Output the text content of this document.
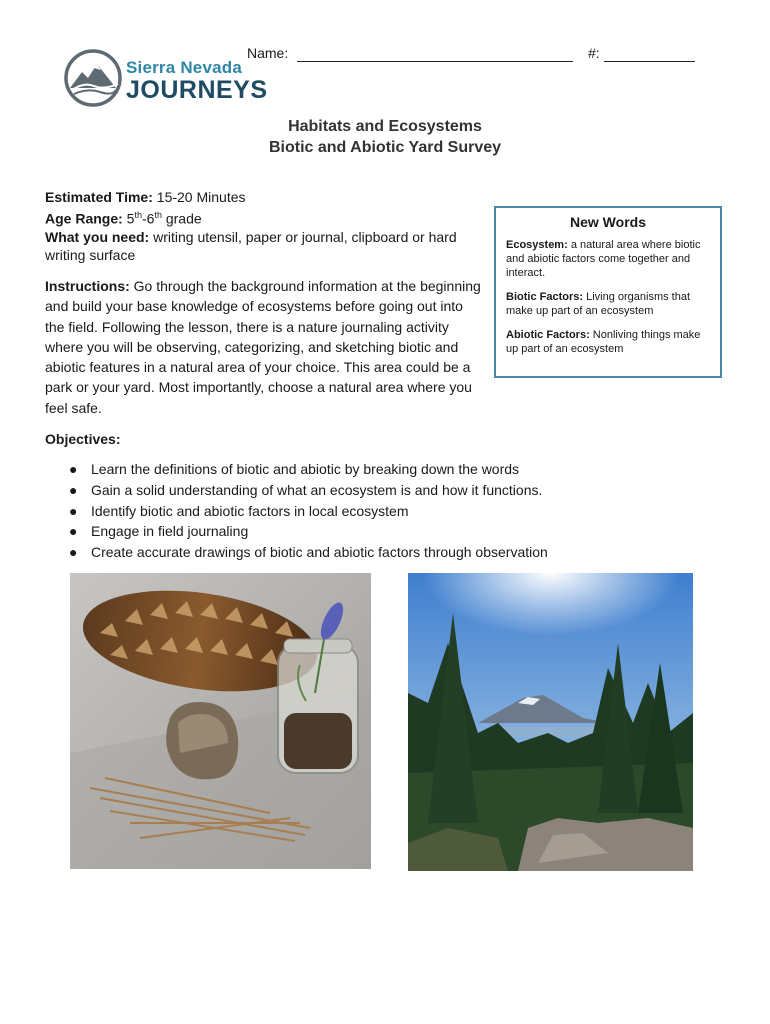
Sierra Nevada
JOURNEYS
Name:	#:
Habitats and Ecosystems
Biotic and Abiotic Yard Survey
Estimated Time: 15-20 Minutes
Age Range: 5th-6th grade
What you need: writing utensil, paper or journal, clipboard or hard writing surface
Instructions: Go through the background information at the beginning and build your base knowledge of ecosystems before going out into the field. Following the lesson, there is a nature journaling activity where you will be observing, categorizing, and sketching biotic and abiotic features in a natural area of your choice. This area could be a park or your yard. Most importantly, choose a natural area where you feel safe.
New Words
Ecosystem: a natural area where biotic and abiotic factors come together and interact.
Biotic Factors: Living organisms that make up part of an ecosystem
Abiotic Factors: Nonliving things make up part of an ecosystem
Objectives:
● Learn the definitions of biotic and abiotic by breaking down the words
● Gain a solid understanding of what an ecosystem is and how it functions.
● Identify biotic and abiotic factors in local ecosystem
● Engage in field journaling
● Create accurate drawings of biotic and abiotic factors through observation
